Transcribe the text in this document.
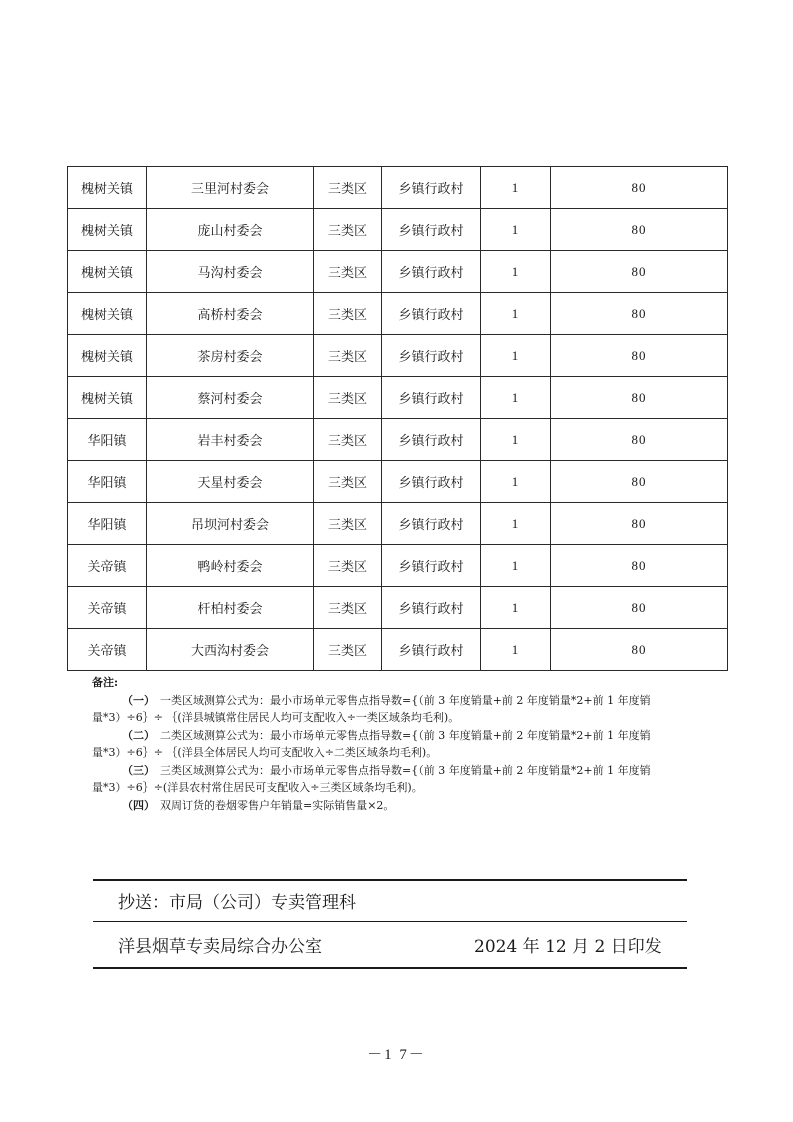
槐树关镇	三里河村委会	三类区	乡镇行政村	1	80
槐树关镇	庞山村委会	三类区	乡镇行政村	1	80
槐树关镇	马沟村委会	三类区	乡镇行政村	1	80
槐树关镇	高桥村委会	三类区	乡镇行政村	1	80
槐树关镇	茶房村委会	三类区	乡镇行政村	1	80
槐树关镇	蔡河村委会	三类区	乡镇行政村	1	80
华阳镇	岩丰村委会	三类区	乡镇行政村	1	80
华阳镇	天星村委会	三类区	乡镇行政村	1	80
华阳镇	吊坝河村委会	三类区	乡镇行政村	1	80
关帝镇	鸭岭村委会	三类区	乡镇行政村	1	80
关帝镇	杆柏村委会	三类区	乡镇行政村	1	80
关帝镇	大西沟村委会	三类区	乡镇行政村	1	80
备注:
（一） 一类区域测算公式为：最小市场单元零售点指导数={（前 3 年度销量+前 2 年度销量*2+前 1 年度销
量*3）÷6｝÷ ｛(洋县城镇常住居民人均可支配收入÷一类区域条均毛利)。
（二） 二类区域测算公式为：最小市场单元零售点指导数={（前 3 年度销量+前 2 年度销量*2+前 1 年度销
量*3）÷6｝÷ ｛(洋县全体居民人均可支配收入÷二类区域条均毛利)。
（三） 三类区域测算公式为：最小市场单元零售点指导数={（前 3 年度销量+前 2 年度销量*2+前 1 年度销
量*3）÷6｝÷(洋县农村常住居民可支配收入÷三类区域条均毛利)。
（四） 双周订货的卷烟零售户年销量=实际销售量×2。
抄送：市局（公司）专卖管理科
洋县烟草专卖局综合办公室	2024 年 12 月 2 日印发
－1 7－
